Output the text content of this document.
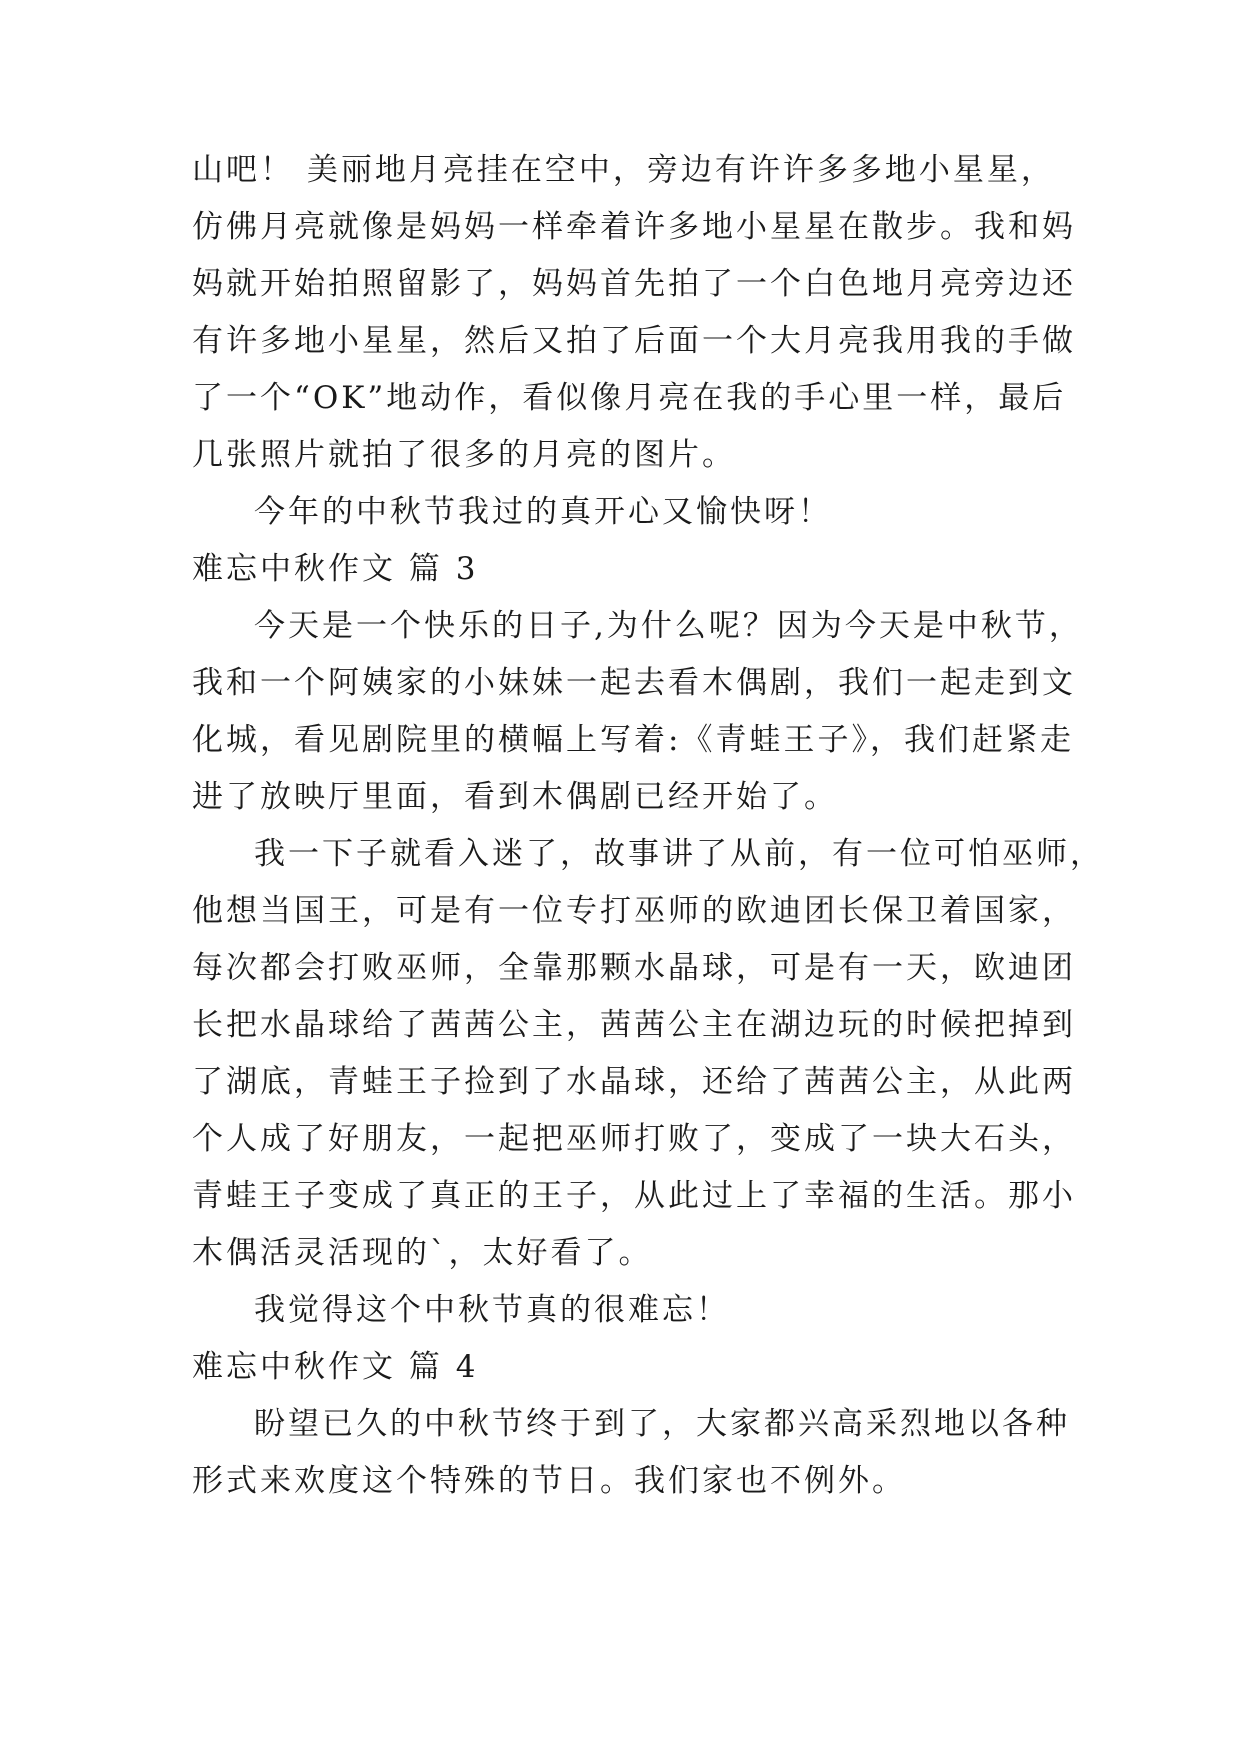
山吧！ 美丽地月亮挂在空中，旁边有许许多多地小星星，
仿佛月亮就像是妈妈一样牵着许多地小星星在散步。我和妈
妈就开始拍照留影了，妈妈首先拍了一个白色地月亮旁边还
有许多地小星星，然后又拍了后面一个大月亮我用我的手做
了一个“OK”地动作，看似像月亮在我的手心里一样，最后
几张照片就拍了很多的月亮的图片。
今年的中秋节我过的真开心又愉快呀！
难忘中秋作文 篇 3
今天是一个快乐的日子,为什么呢？因为今天是中秋节，
我和一个阿姨家的小妹妹一起去看木偶剧，我们一起走到文
化城，看见剧院里的横幅上写着:《青蛙王子》，我们赶紧走
进了放映厅里面，看到木偶剧已经开始了。
我一下子就看入迷了，故事讲了从前，有一位可怕巫师，
他想当国王，可是有一位专打巫师的欧迪团长保卫着国家，
每次都会打败巫师，全靠那颗水晶球，可是有一天，欧迪团
长把水晶球给了茜茜公主，茜茜公主在湖边玩的时候把掉到
了湖底，青蛙王子捡到了水晶球，还给了茜茜公主，从此两
个人成了好朋友，一起把巫师打败了，变成了一块大石头，
青蛙王子变成了真正的王子，从此过上了幸福的生活。那小
木偶活灵活现的`，太好看了。
我觉得这个中秋节真的很难忘！
难忘中秋作文 篇 4
盼望已久的中秋节终于到了，大家都兴高采烈地以各种
形式来欢度这个特殊的节日。我们家也不例外。
